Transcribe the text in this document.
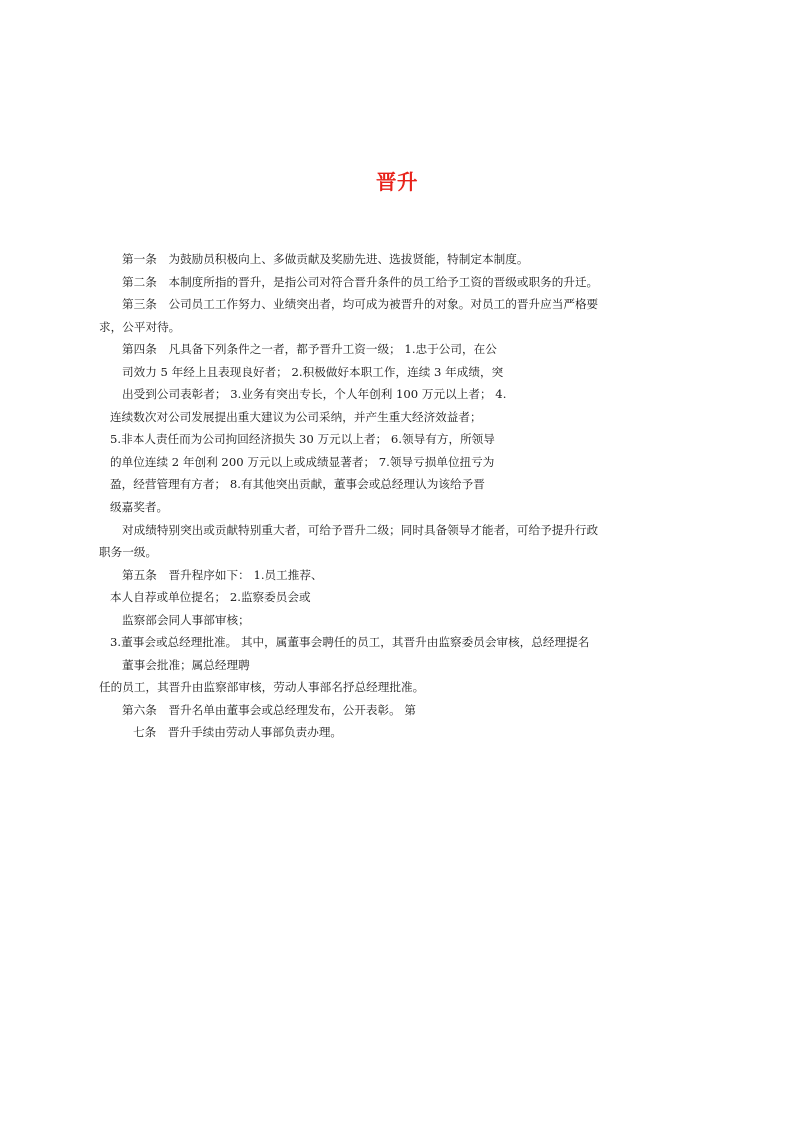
晋升
第一条　为鼓励员积极向上、多做贡献及奖励先进、选拔贤能，特制定本制度。
第二条　本制度所指的晋升，是指公司对符合晋升条件的员工给予工资的晋级或职务的升迁。
第三条　公司员工工作努力、业绩突出者，均可成为被晋升的对象。对员工的晋升应当严格要
求，公平对待。
第四条　凡具备下列条件之一者，都予晋升工资一级； 1.忠于公司，在公
司效力 5 年经上且表现良好者； 2.积极做好本职工作，连续 3 年成绩，突
出受到公司表彰者； 3.业务有突出专长，个人年创利 100 万元以上者； 4.
连续数次对公司发展提出重大建议为公司采纳，并产生重大经济效益者；
5.非本人责任而为公司拘回经济损失 30 万元以上者； 6.领导有方，所领导
的单位连续 2 年创利 200 万元以上或成绩显著者； 7.领导亏损单位扭亏为
盈，经营管理有方者； 8.有其他突出贡献，董事会或总经理认为该给予晋
级嘉奖者。
对成绩特别突出或贡献特别重大者，可给予晋升二级；同时具备领导才能者，可给予提升行政
职务一级。
第五条　晋升程序如下： 1.员工推荐、
本人自荐或单位提名； 2.监察委员会或
监察部会同人事部审核；
3.董事会或总经理批准。 其中，属董事会聘任的员工，其晋升由监察委员会审核，总经理提名
董事会批准；属总经理聘
任的员工，其晋升由监察部审核，劳动人事部名抒总经理批准。
第六条　晋升名单由董事会或总经理发布，公开表彰。 第
七条　晋升手续由劳动人事部负责办理。
